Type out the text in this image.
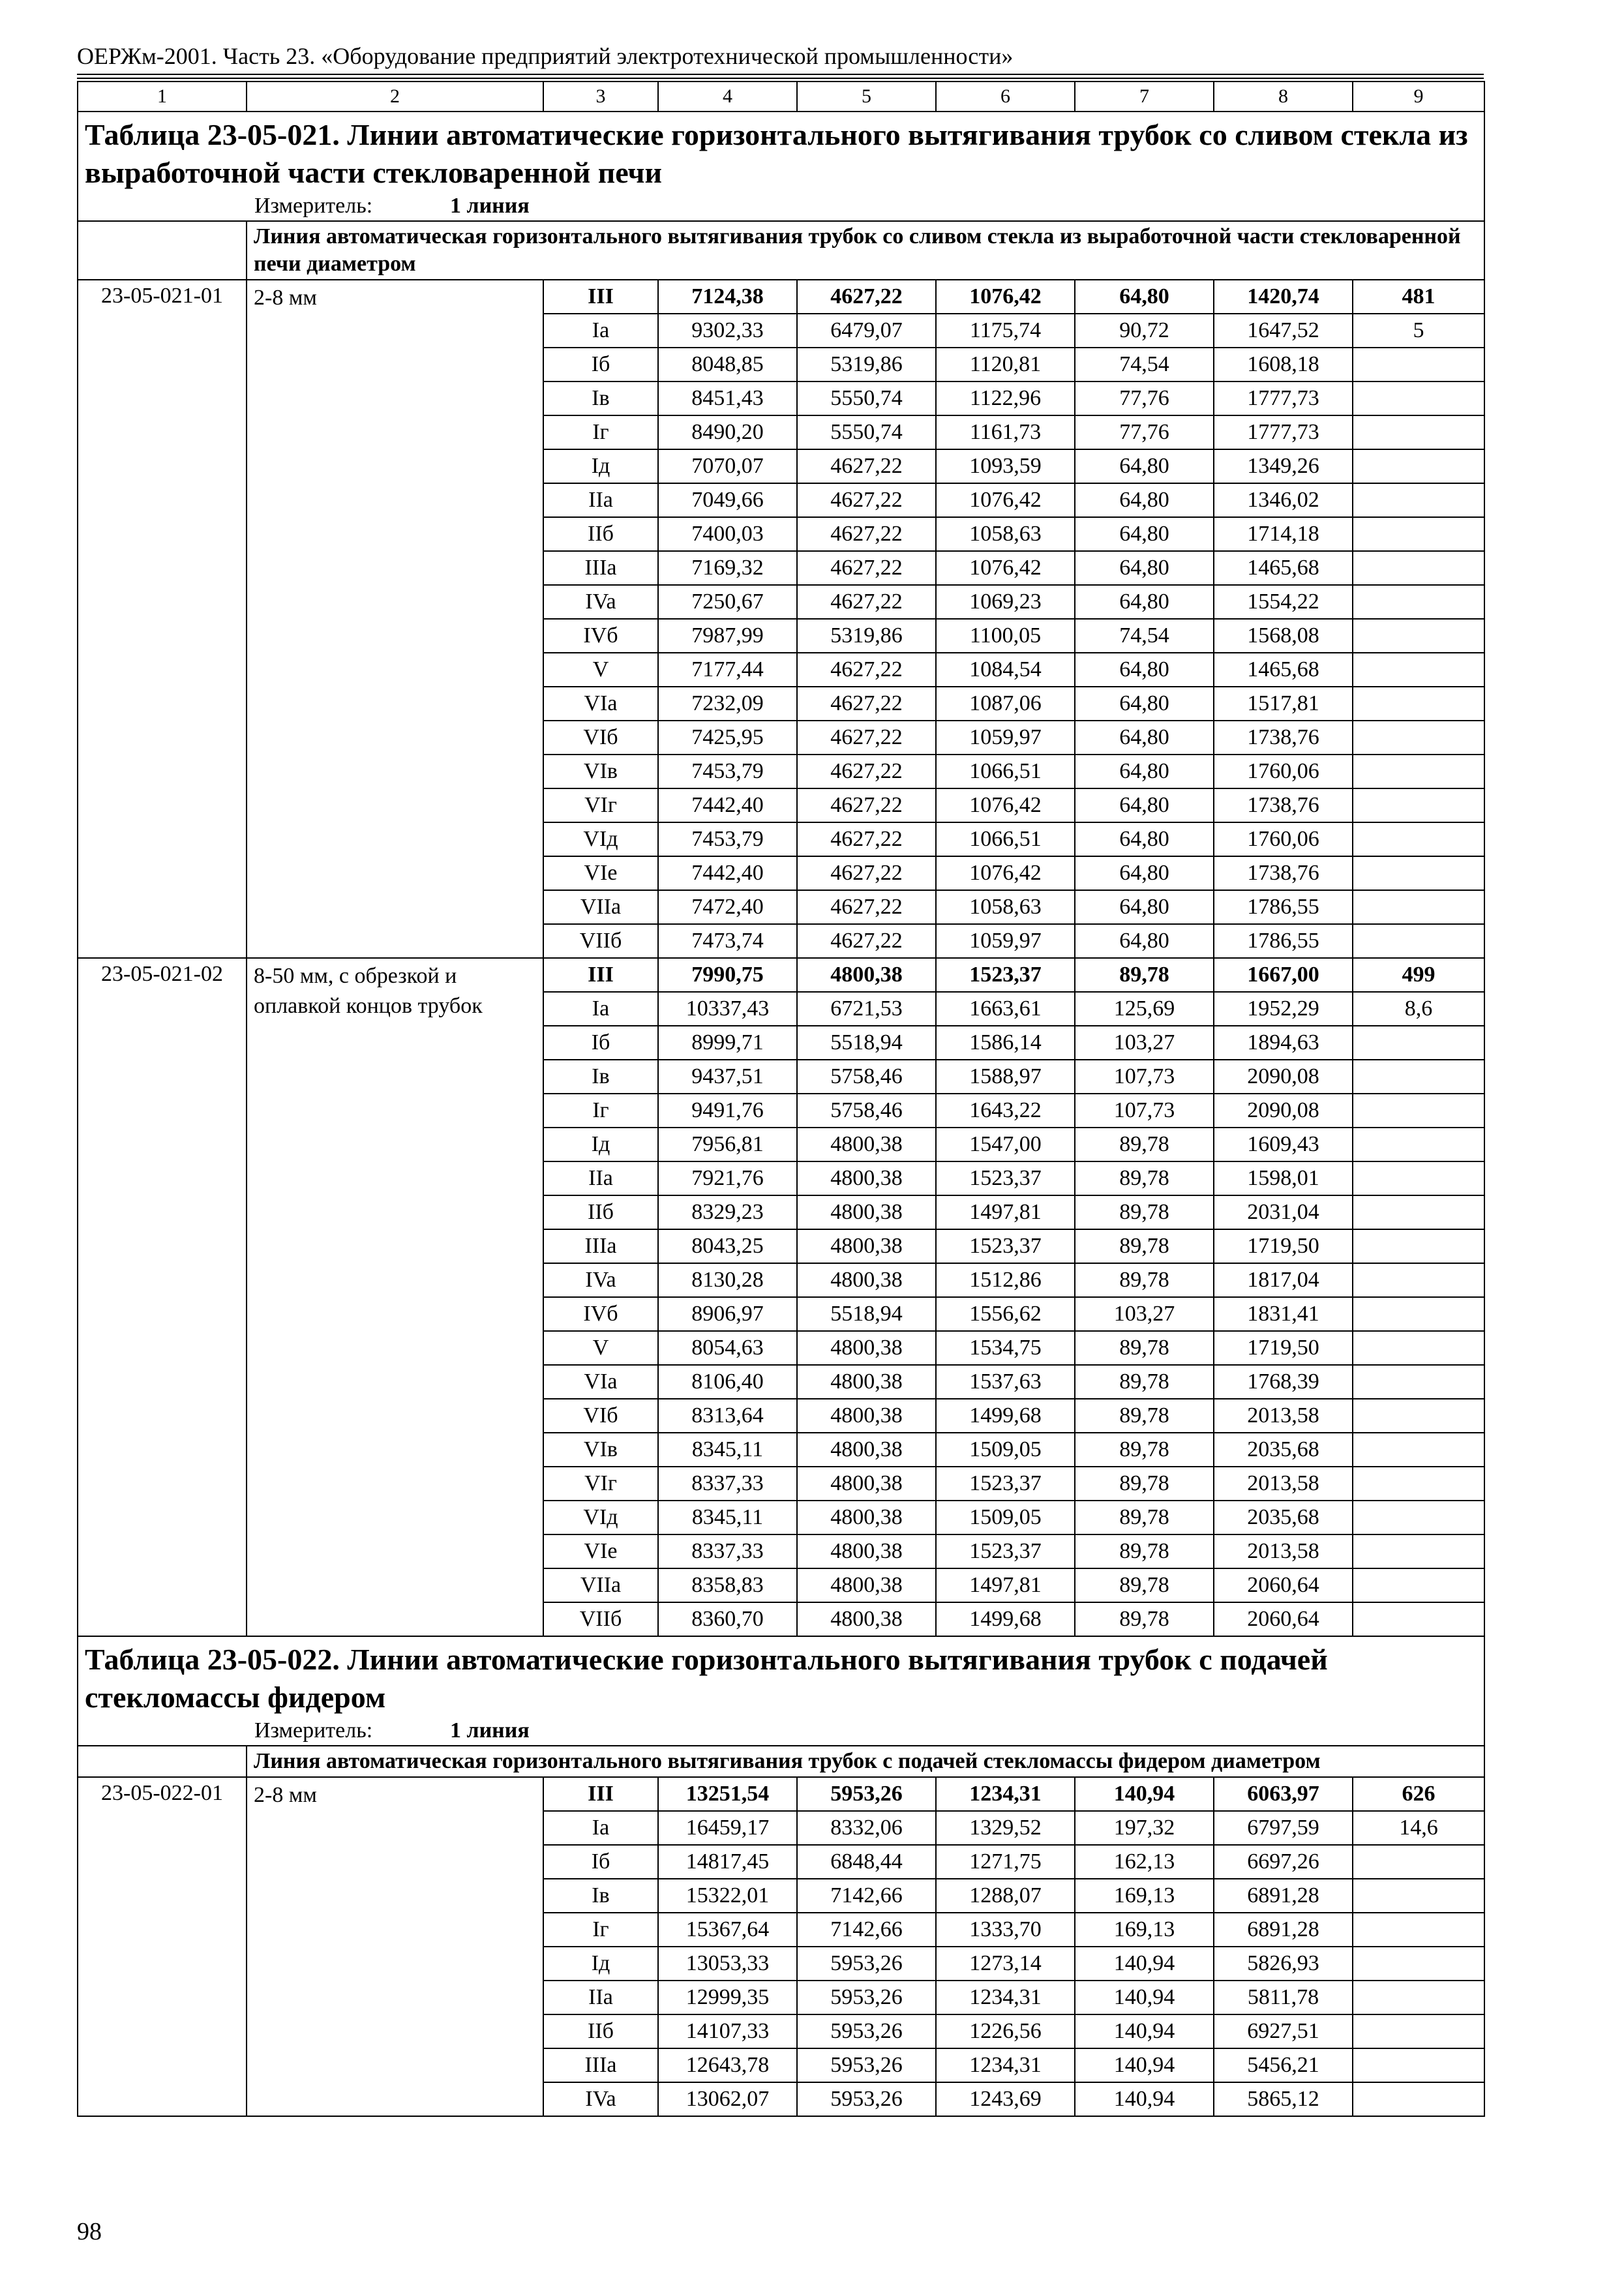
ОЕРЖм-2001. Часть 23. «Оборудование предприятий электротехнической промышленности»
1	2	3	4	5	6	7	8	9
Таблица 23-05-021. Линии автоматические горизонтального вытягивания трубок со сливом стекла из выработочной части стекловаренной печи								
Измеритель: 1 линия								
	Линия автоматическая горизонтального вытягивания трубок со сливом стекла из выработочной части стекловаренной печи диаметром							
23-05-021-01	2-8 мм	III	7124,38	4627,22	1076,42	64,80	1420,74	481
		Ia	9302,33	6479,07	1175,74	90,72	1647,52	5
		Iб	8048,85	5319,86	1120,81	74,54	1608,18	
		Iв	8451,43	5550,74	1122,96	77,76	1777,73	
		Iг	8490,20	5550,74	1161,73	77,76	1777,73	
		Iд	7070,07	4627,22	1093,59	64,80	1349,26	
		IIa	7049,66	4627,22	1076,42	64,80	1346,02	
		IIб	7400,03	4627,22	1058,63	64,80	1714,18	
		IIIa	7169,32	4627,22	1076,42	64,80	1465,68	
		IVa	7250,67	4627,22	1069,23	64,80	1554,22	
		IVб	7987,99	5319,86	1100,05	74,54	1568,08	
		V	7177,44	4627,22	1084,54	64,80	1465,68	
		VIa	7232,09	4627,22	1087,06	64,80	1517,81	
		VIб	7425,95	4627,22	1059,97	64,80	1738,76	
		VIв	7453,79	4627,22	1066,51	64,80	1760,06	
		VIг	7442,40	4627,22	1076,42	64,80	1738,76	
		VIд	7453,79	4627,22	1066,51	64,80	1760,06	
		VIe	7442,40	4627,22	1076,42	64,80	1738,76	
		VIIa	7472,40	4627,22	1058,63	64,80	1786,55	
		VIIб	7473,74	4627,22	1059,97	64,80	1786,55	
23-05-021-02	8-50 мм, с обрезкой и оплавкой концов трубок	III	7990,75	4800,38	1523,37	89,78	1667,00	499
		Ia	10337,43	6721,53	1663,61	125,69	1952,29	8,6
		Iб	8999,71	5518,94	1586,14	103,27	1894,63	
		Iв	9437,51	5758,46	1588,97	107,73	2090,08	
		Iг	9491,76	5758,46	1643,22	107,73	2090,08	
		Iд	7956,81	4800,38	1547,00	89,78	1609,43	
		IIa	7921,76	4800,38	1523,37	89,78	1598,01	
		IIб	8329,23	4800,38	1497,81	89,78	2031,04	
		IIIa	8043,25	4800,38	1523,37	89,78	1719,50	
		IVa	8130,28	4800,38	1512,86	89,78	1817,04	
		IVб	8906,97	5518,94	1556,62	103,27	1831,41	
		V	8054,63	4800,38	1534,75	89,78	1719,50	
		VIa	8106,40	4800,38	1537,63	89,78	1768,39	
		VIб	8313,64	4800,38	1499,68	89,78	2013,58	
		VIв	8345,11	4800,38	1509,05	89,78	2035,68	
		VIг	8337,33	4800,38	1523,37	89,78	2013,58	
		VIд	8345,11	4800,38	1509,05	89,78	2035,68	
		VIe	8337,33	4800,38	1523,37	89,78	2013,58	
		VIIa	8358,83	4800,38	1497,81	89,78	2060,64	
		VIIб	8360,70	4800,38	1499,68	89,78	2060,64	
Таблица 23-05-022. Линии автоматические горизонтального вытягивания трубок с подачей стекломассы фидером								
Измеритель: 1 линия								
	Линия автоматическая горизонтального вытягивания трубок с подачей стекломассы фидером диаметром							
23-05-022-01	2-8 мм	III	13251,54	5953,26	1234,31	140,94	6063,97	626
		Ia	16459,17	8332,06	1329,52	197,32	6797,59	14,6
		Iб	14817,45	6848,44	1271,75	162,13	6697,26	
		Iв	15322,01	7142,66	1288,07	169,13	6891,28	
		Iг	15367,64	7142,66	1333,70	169,13	6891,28	
		Iд	13053,33	5953,26	1273,14	140,94	5826,93	
		IIa	12999,35	5953,26	1234,31	140,94	5811,78	
		IIб	14107,33	5953,26	1226,56	140,94	6927,51	
		IIIa	12643,78	5953,26	1234,31	140,94	5456,21	
		IVa	13062,07	5953,26	1243,69	140,94	5865,12	
98
